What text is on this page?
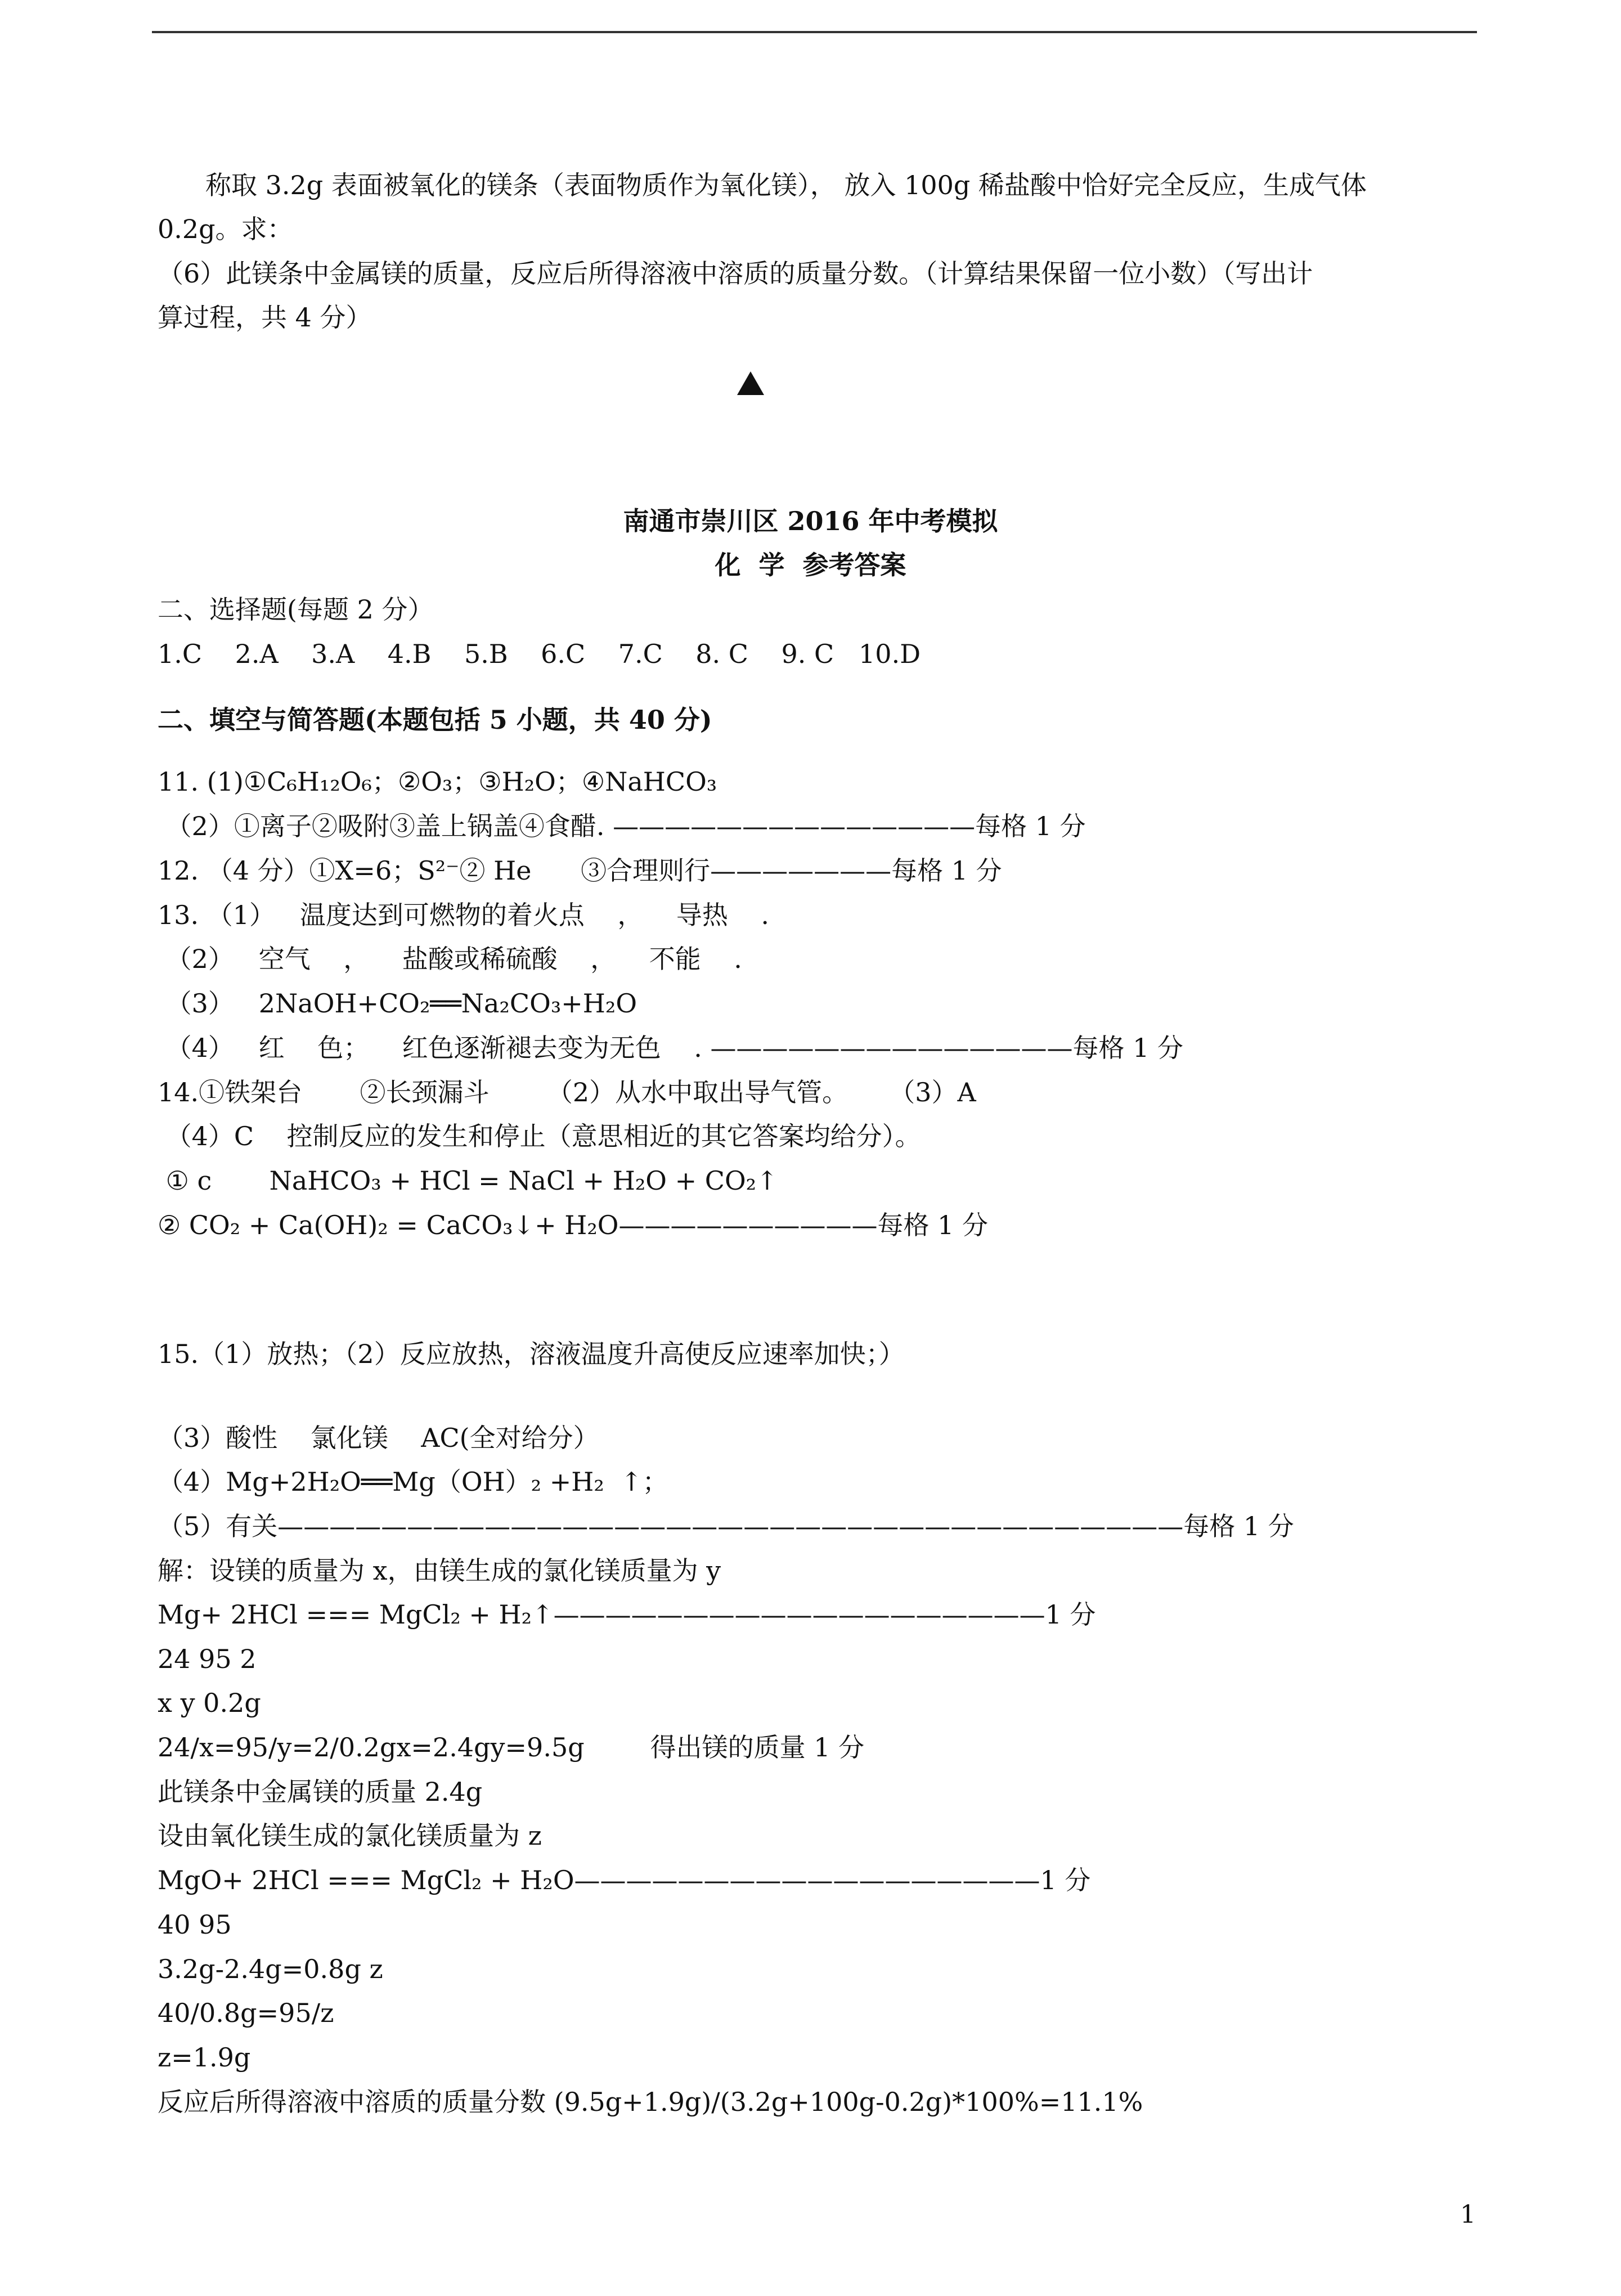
称取 3.2g 表面被氧化的镁条（表面物质作为氧化镁）， 放入 100g 稀盐酸中恰好完全反应，生成气体
0.2g。求：
（6）此镁条中金属镁的质量，反应后所得溶液中溶质的质量分数。（计算结果保留一位小数）（写出计
算过程，共 4 分）
南通市崇川区 2016 年中考模拟
化  学  参考答案
二、选择题(每题 2 分）
1.C    2.A    3.A    4.B    5.B    6.C    7.C    8. C    9. C   10.D
二、填空与简答题(本题包括 5 小题，共 40 分)
11. (1)①C₆H₁₂O₆；②O₃；③H₂O；④NaHCO₃
（2）①离子②吸附③盖上锅盖④食醋. ——————————————每格 1 分
12. （4 分）①X=6；S²⁻② He      ③合理则行———————每格 1 分
13. （1）   温度达到可燃物的着火点    ，    导热    .
（2）   空气    ，    盐酸或稀硫酸    ，    不能    .
（3）   2NaOH+CO₂══Na₂CO₃+H₂O
（4）   红    色；    红色逐渐褪去变为无色    . ——————————————每格 1 分
14.①铁架台       ②长颈漏斗       （2）从水中取出导气管。     （3）A
（4）C    控制反应的发生和停止（意思相近的其它答案均给分）。
① c       NaHCO₃ + HCl = NaCl + H₂O + CO₂↑
② CO₂ + Ca(OH)₂ = CaCO₃↓+ H₂O——————————每格 1 分
15.（1）放热；（2）反应放热，溶液温度升高使反应速率加快；）
（3）酸性    氯化镁    AC(全对给分）
（4）Mg+2H₂O══Mg（OH）₂ +H₂  ↑；
（5）有关———————————————————————————————————每格 1 分
解：设镁的质量为 x，由镁生成的氯化镁质量为 y
Mg+ 2HCl === MgCl₂ + H₂↑———————————————————1 分
24 95 2
x y 0.2g
24/x=95/y=2/0.2gx=2.4gy=9.5g        得出镁的质量 1 分
此镁条中金属镁的质量 2.4g
设由氧化镁生成的氯化镁质量为 z
MgO+ 2HCl === MgCl₂ + H₂O——————————————————1 分
40 95
3.2g-2.4g=0.8g z
40/0.8g=95/z
z=1.9g
反应后所得溶液中溶质的质量分数 (9.5g+1.9g)/(3.2g+100g-0.2g)*100%=11.1%
1
